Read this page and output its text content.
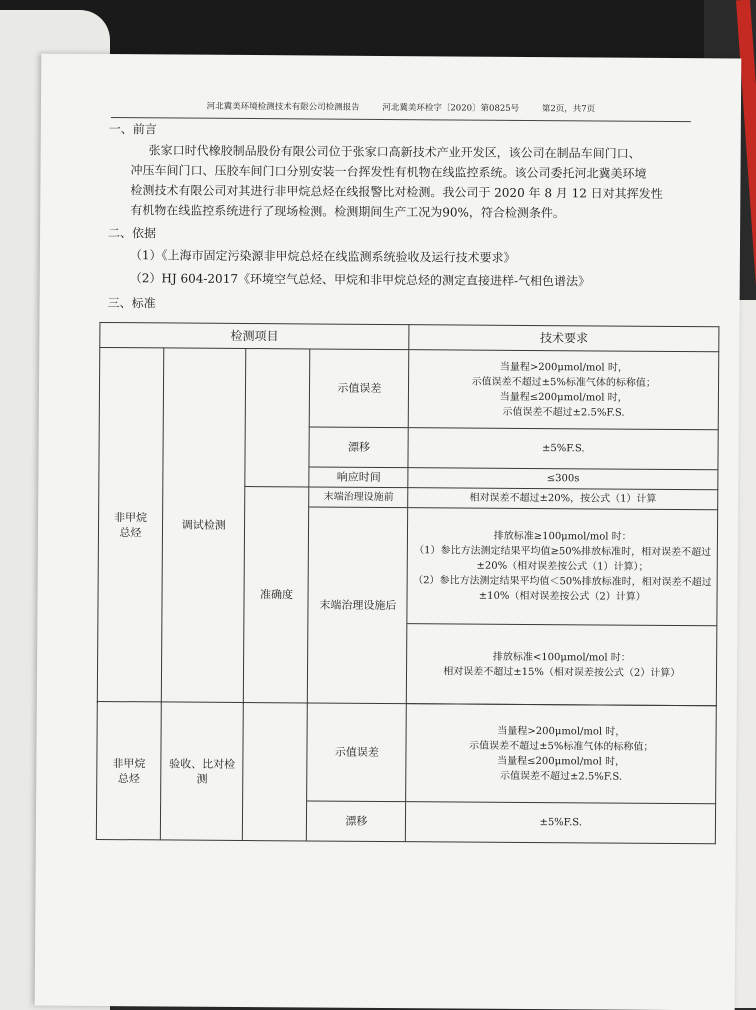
河北冀美环境检测技术有限公司检测报告	河北冀美环检字〔2020〕第0825号	第2页，共7页
一、前言

张家口时代橡胶制品股份有限公司位于张家口高新技术产业开发区，该公司在制品车间门口、

冲压车间门口、压胶车间门口分别安装一台挥发性有机物在线监控系统。该公司委托河北冀美环境

检测技术有限公司对其进行非甲烷总烃在线报警比对检测。我公司于 2020 年 8 月 12 日对其挥发性

有机物在线监控系统进行了现场检测。检测期间生产工况为90%，符合检测条件。

二、依据
（1）《上海市固定污染源非甲烷总烃在线监测系统验收及运行技术要求》
（2）HJ 604-2017《环境空气总烃、甲烷和非甲烷总烃的测定直接进样-气相色谱法》
三、标准
检测项目				技术要求
非甲烷
总烃	调试检测		示值误差	当量程>200μmol/mol 时，
示值误差不超过±5%标准气体的标称值；
当量程≤200μmol/mol 时，
示值误差不超过±2.5%F.S.
			漂移	±5%F.S.
			响应时间	≤300s
		准确度	末端治理设施前	相对误差不超过±20%，按公式（1）计算
			末端治理设施后	排放标准≥100μmol/mol 时：
（1）参比方法测定结果平均值≥50%排放标准时，相对误差不超过±20%（相对误差按公式（1）计算）；
（2）参比方法测定结果平均值＜50%排放标准时，相对误差不超过±10%（相对误差按公式（2）计算）
				排放标准<100μmol/mol 时：
相对误差不超过±15%（相对误差按公式（2）计算）

非甲烷
总烃	验收、比对检测		示值误差	当量程>200μmol/mol 时，
示值误差不超过±5%标准气体的标称值；
当量程≤200μmol/mol 时，
示值误差不超过±2.5%F.S.
			漂移	±5%F.S.
